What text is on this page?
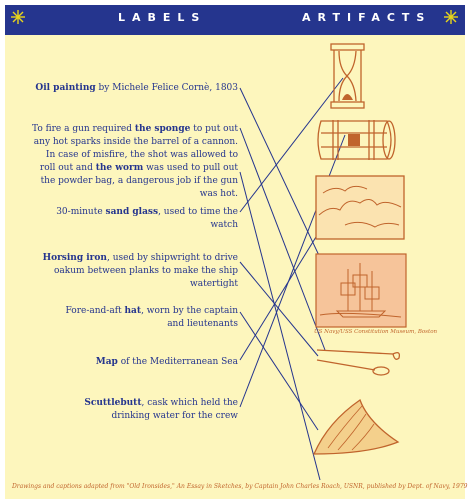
LABELS	ARTIFACTS
Oil painting by Michele Felice Cornè, 1803
To fire a gun required the sponge to put out any hot sparks inside the barrel of a cannon. In case of misfire, the shot was allowed to roll out and the worm was used to pull out the powder bag, a dangerous job if the gun was hot.
30-minute sand glass, used to time the watch
Horsing iron, used by shipwright to drive oakum between planks to make the ship watertight
Fore-and-aft hat, worn by the captain and lieutenants
Map of the Mediterranean Sea
Scuttlebutt, cask which held the drinking water for the crew
US Navy/USS Constitution Museum, Boston
Drawings and captions adapted from "Old Ironsides," An Essay in Sketches, by Captain John Charles Roach, USNR, published by Dept. of Navy, 1979
